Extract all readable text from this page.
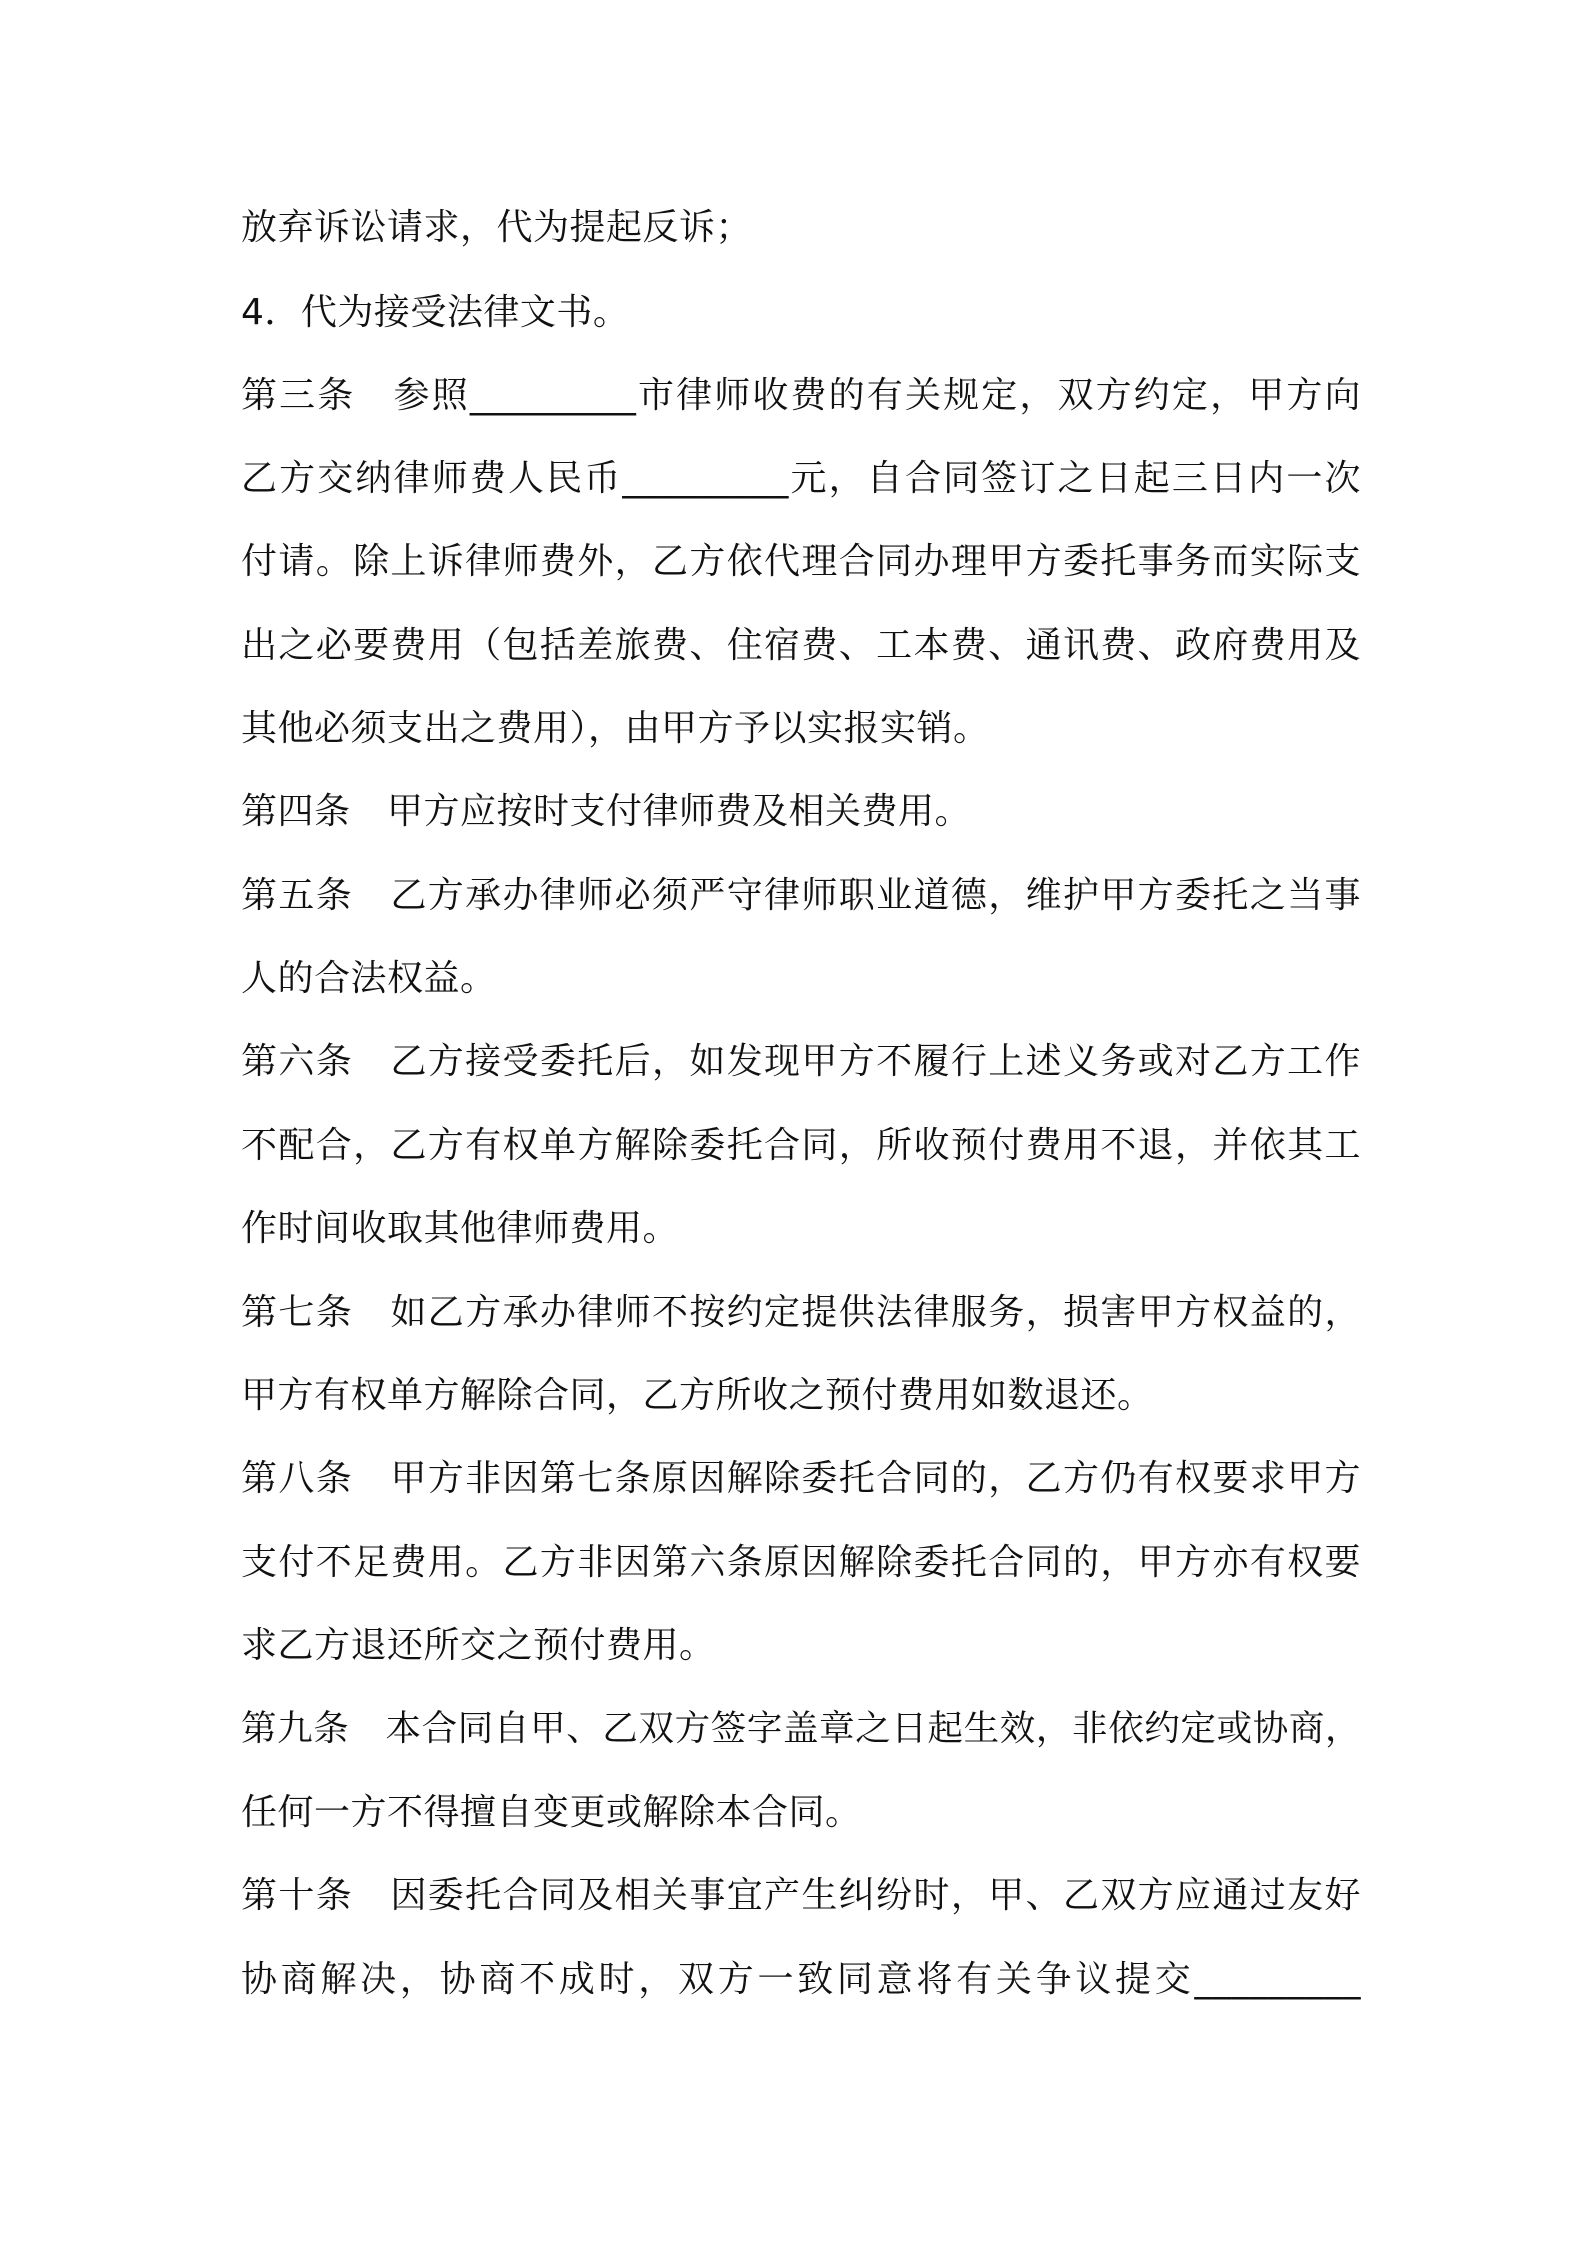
放弃诉讼请求，代为提起反诉；
4．代为接受法律文书。
第三条　参照_________市律师收费的有关规定，双方约定，甲方向
乙方交纳律师费人民币_________元，自合同签订之日起三日内一次
付请。除上诉律师费外，乙方依代理合同办理甲方委托事务而实际支
出之必要费用（包括差旅费、住宿费、工本费、通讯费、政府费用及
其他必须支出之费用），由甲方予以实报实销。
第四条　甲方应按时支付律师费及相关费用。
第五条　乙方承办律师必须严守律师职业道德，维护甲方委托之当事
人的合法权益。
第六条　乙方接受委托后，如发现甲方不履行上述义务或对乙方工作
不配合，乙方有权单方解除委托合同，所收预付费用不退，并依其工
作时间收取其他律师费用。
第七条　如乙方承办律师不按约定提供法律服务，损害甲方权益的，
甲方有权单方解除合同，乙方所收之预付费用如数退还。
第八条　甲方非因第七条原因解除委托合同的，乙方仍有权要求甲方
支付不足费用。乙方非因第六条原因解除委托合同的，甲方亦有权要
求乙方退还所交之预付费用。
第九条　本合同自甲、乙双方签字盖章之日起生效，非依约定或协商，
任何一方不得擅自变更或解除本合同。
第十条　因委托合同及相关事宜产生纠纷时，甲、乙双方应通过友好
协商解决，协商不成时，双方一致同意将有关争议提交_________
